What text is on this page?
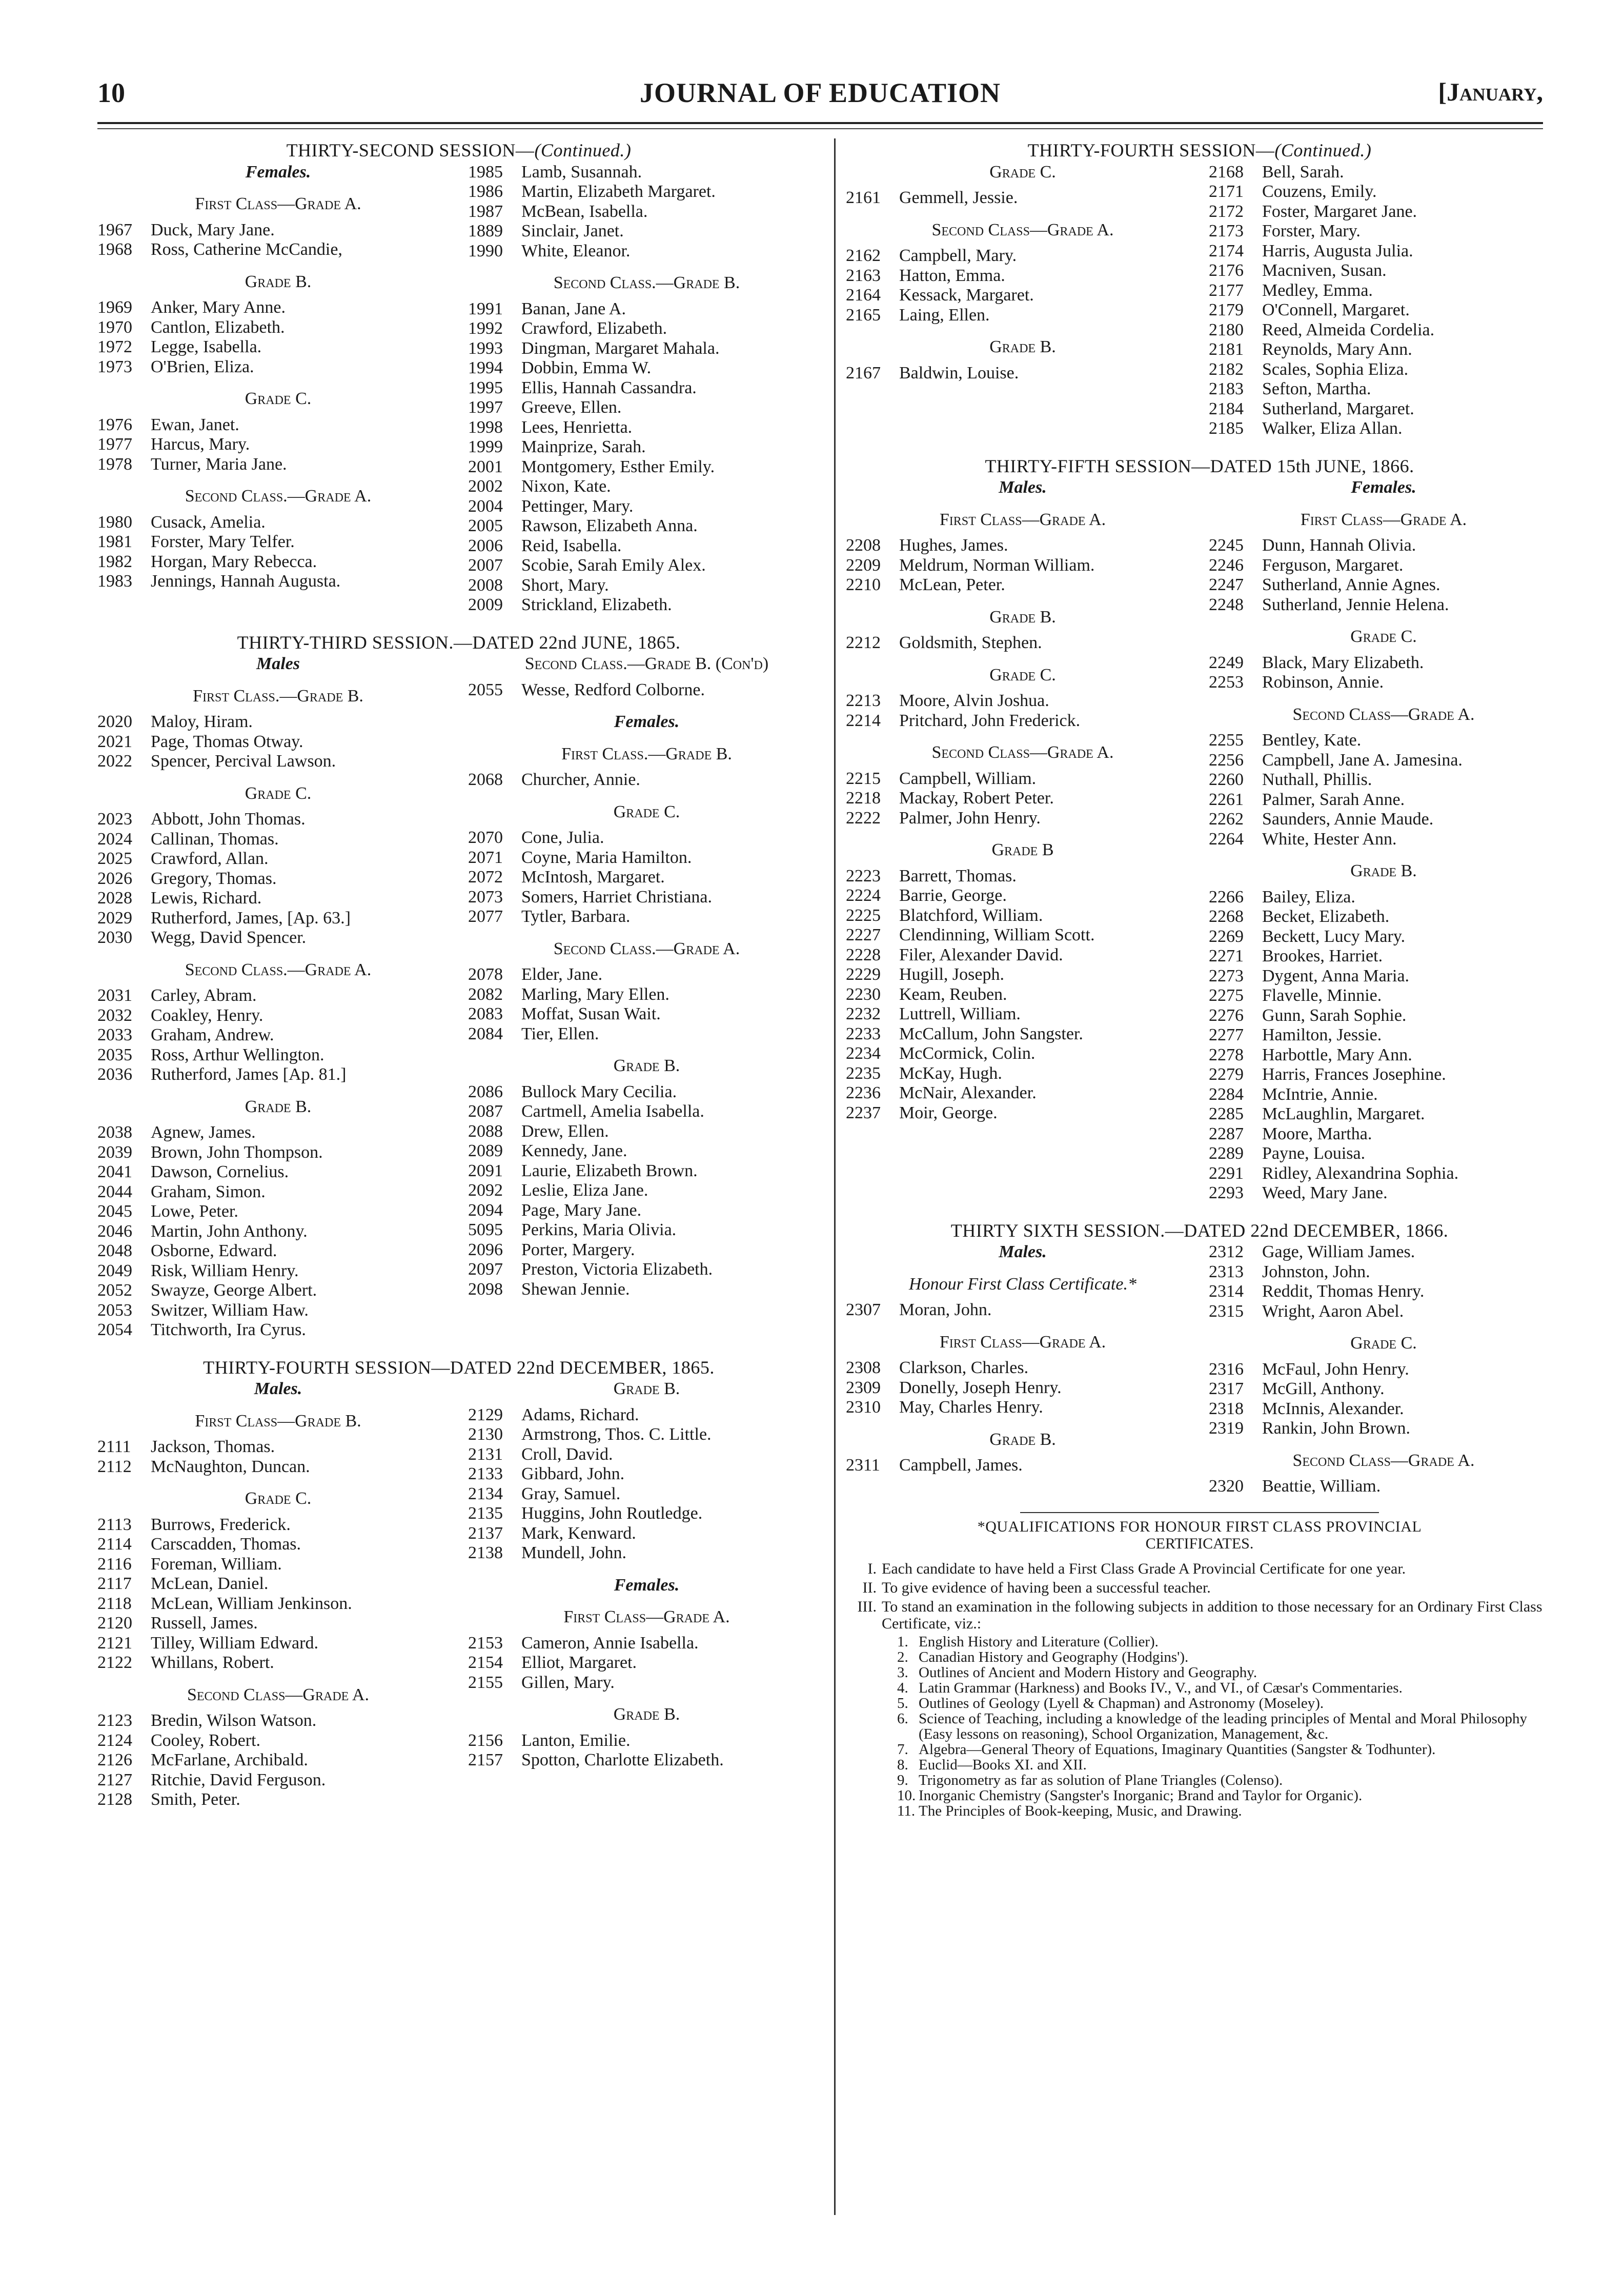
10	JOURNAL OF EDUCATION	[January,
THIRTY-SECOND SESSION—(Continued.)
Females.
First Class—Grade A.
1967	Duck, Mary Jane.
1968	Ross, Catherine McCandie,
Grade B.
1969	Anker, Mary Anne.
1970	Cantlon, Elizabeth.
1972	Legge, Isabella.
1973	O'Brien, Eliza.
Grade C.
1976	Ewan, Janet.
1977	Harcus, Mary.
1978	Turner, Maria Jane.
Second Class.—Grade A.
1980	Cusack, Amelia.
1981	Forster, Mary Telfer.
1982	Horgan, Mary Rebecca.
1983	Jennings, Hannah Augusta.
1985	Lamb, Susannah.
1986	Martin, Elizabeth Margaret.
1987	McBean, Isabella.
1889	Sinclair, Janet.
1990	White, Eleanor.
Second Class.—Grade B.
1991	Banan, Jane A.
1992	Crawford, Elizabeth.
1993	Dingman, Margaret Mahala.
1994	Dobbin, Emma W.
1995	Ellis, Hannah Cassandra.
1997	Greeve, Ellen.
1998	Lees, Henrietta.
1999	Mainprize, Sarah.
2001	Montgomery, Esther Emily.
2002	Nixon, Kate.
2004	Pettinger, Mary.
2005	Rawson, Elizabeth Anna.
2006	Reid, Isabella.
2007	Scobie, Sarah Emily Alex.
2008	Short, Mary.
2009	Strickland, Elizabeth.
THIRTY-THIRD SESSION.—DATED 22nd JUNE, 1865.
Males
First Class.—Grade B.
2020	Maloy, Hiram.
2021	Page, Thomas Otway.
2022	Spencer, Percival Lawson.
Grade C.
2023	Abbott, John Thomas.
2024	Callinan, Thomas.
2025	Crawford, Allan.
2026	Gregory, Thomas.
2028	Lewis, Richard.
2029	Rutherford, James, [Ap. 63.]
2030	Wegg, David Spencer.
Second Class.—Grade A.
2031	Carley, Abram.
2032	Coakley, Henry.
2033	Graham, Andrew.
2035	Ross, Arthur Wellington.
2036	Rutherford, James [Ap. 81.]
Grade B.
2038	Agnew, James.
2039	Brown, John Thompson.
2041	Dawson, Cornelius.
2044	Graham, Simon.
2045	Lowe, Peter.
2046	Martin, John Anthony.
2048	Osborne, Edward.
2049	Risk, William Henry.
2052	Swayze, George Albert.
2053	Switzer, William Haw.
2054	Titchworth, Ira Cyrus.
Second Class.—Grade B. (Con'd)
2055	Wesse, Redford Colborne.
Females.
First Class.—Grade B.
2068	Churcher, Annie.
Grade C.
2070	Cone, Julia.
2071	Coyne, Maria Hamilton.
2072	McIntosh, Margaret.
2073	Somers, Harriet Christiana.
2077	Tytler, Barbara.
Second Class.—Grade A.
2078	Elder, Jane.
2082	Marling, Mary Ellen.
2083	Moffat, Susan Wait.
2084	Tier, Ellen.
Grade B.
2086	Bullock Mary Cecilia.
2087	Cartmell, Amelia Isabella.
2088	Drew, Ellen.
2089	Kennedy, Jane.
2091	Laurie, Elizabeth Brown.
2092	Leslie, Eliza Jane.
2094	Page, Mary Jane.
5095	Perkins, Maria Olivia.
2096	Porter, Margery.
2097	Preston, Victoria Elizabeth.
2098	Shewan Jennie.
THIRTY-FOURTH SESSION—DATED 22nd DECEMBER, 1865.
Males.
First Class—Grade B.
2111	Jackson, Thomas.
2112	McNaughton, Duncan.
Grade C.
2113	Burrows, Frederick.
2114	Carscadden, Thomas.
2116	Foreman, William.
2117	McLean, Daniel.
2118	McLean, William Jenkinson.
2120	Russell, James.
2121	Tilley, William Edward.
2122	Whillans, Robert.
Second Class—Grade A.
2123	Bredin, Wilson Watson.
2124	Cooley, Robert.
2126	McFarlane, Archibald.
2127	Ritchie, David Ferguson.
2128	Smith, Peter.
Grade B.
2129	Adams, Richard.
2130	Armstrong, Thos. C. Little.
2131	Croll, David.
2133	Gibbard, John.
2134	Gray, Samuel.
2135	Huggins, John Routledge.
2137	Mark, Kenward.
2138	Mundell, John.
Females.
First Class—Grade A.
2153	Cameron, Annie Isabella.
2154	Elliot, Margaret.
2155	Gillen, Mary.
Grade B.
2156	Lanton, Emilie.
2157	Spotton, Charlotte Elizabeth.
THIRTY-FOURTH SESSION—(Continued.)
Grade C.
2161	Gemmell, Jessie.
Second Class—Grade A.
2162	Campbell, Mary.
2163	Hatton, Emma.
2164	Kessack, Margaret.
2165	Laing, Ellen.
Grade B.
2167	Baldwin, Louise.
2168	Bell, Sarah.
2171	Couzens, Emily.
2172	Foster, Margaret Jane.
2173	Forster, Mary.
2174	Harris, Augusta Julia.
2176	Macniven, Susan.
2177	Medley, Emma.
2179	O'Connell, Margaret.
2180	Reed, Almeida Cordelia.
2181	Reynolds, Mary Ann.
2182	Scales, Sophia Eliza.
2183	Sefton, Martha.
2184	Sutherland, Margaret.
2185	Walker, Eliza Allan.
THIRTY-FIFTH SESSION—DATED 15th JUNE, 1866.
Males.
First Class—Grade A.
2208	Hughes, James.
2209	Meldrum, Norman William.
2210	McLean, Peter.
Grade B.
2212	Goldsmith, Stephen.
Grade C.
2213	Moore, Alvin Joshua.
2214	Pritchard, John Frederick.
Second Class—Grade A.
2215	Campbell, William.
2218	Mackay, Robert Peter.
2222	Palmer, John Henry.
Grade B
2223	Barrett, Thomas.
2224	Barrie, George.
2225	Blatchford, William.
2227	Clendinning, William Scott.
2228	Filer, Alexander David.
2229	Hugill, Joseph.
2230	Keam, Reuben.
2232	Luttrell, William.
2233	McCallum, John Sangster.
2234	McCormick, Colin.
2235	McKay, Hugh.
2236	McNair, Alexander.
2237	Moir, George.
Females.
First Class—Grade A.
2245	Dunn, Hannah Olivia.
2246	Ferguson, Margaret.
2247	Sutherland, Annie Agnes.
2248	Sutherland, Jennie Helena.
Grade C.
2249	Black, Mary Elizabeth.
2253	Robinson, Annie.
Second Class—Grade A.
2255	Bentley, Kate.
2256	Campbell, Jane A. Jamesina.
2260	Nuthall, Phillis.
2261	Palmer, Sarah Anne.
2262	Saunders, Annie Maude.
2264	White, Hester Ann.
Grade B.
2266	Bailey, Eliza.
2268	Becket, Elizabeth.
2269	Beckett, Lucy Mary.
2271	Brookes, Harriet.
2273	Dygent, Anna Maria.
2275	Flavelle, Minnie.
2276	Gunn, Sarah Sophie.
2277	Hamilton, Jessie.
2278	Harbottle, Mary Ann.
2279	Harris, Frances Josephine.
2284	McIntrie, Annie.
2285	McLaughlin, Margaret.
2287	Moore, Martha.
2289	Payne, Louisa.
2291	Ridley, Alexandrina Sophia.
2293	Weed, Mary Jane.
THIRTY SIXTH SESSION.—DATED 22nd DECEMBER, 1866.
Males.
Honour First Class Certificate.*
2307	Moran, John.
First Class—Grade A.
2308	Clarkson, Charles.
2309	Donelly, Joseph Henry.
2310	May, Charles Henry.
Grade B.
2311	Campbell, James.
2312	Gage, William James.
2313	Johnston, John.
2314	Reddit, Thomas Henry.
2315	Wright, Aaron Abel.
Grade C.
2316	McFaul, John Henry.
2317	McGill, Anthony.
2318	McInnis, Alexander.
2319	Rankin, John Brown.
Second Class—Grade A.
2320	Beattie, William.
*QUALIFICATIONS FOR HONOUR FIRST CLASS PROVINCIAL
CERTIFICATES.
I. Each candidate to have held a First Class Grade A Provincial Certificate for one year.
II. To give evidence of having been a successful teacher.
III. To stand an examination in the following subjects in addition to those necessary for an Ordinary First Class Certificate, viz.:
1. English History and Literature (Collier).
2. Canadian History and Geography (Hodgins').
3. Outlines of Ancient and Modern History and Geography.
4. Latin Grammar (Harkness) and Books IV., V., and VI., of Cæsar's Commentaries.
5. Outlines of Geology (Lyell & Chapman) and Astronomy (Moseley).
6. Science of Teaching, including a knowledge of the leading principles of Mental and Moral Philosophy (Easy lessons on reasoning), School Organization, Management, &c.
7. Algebra—General Theory of Equations, Imaginary Quantities (Sangster & Todhunter).
8. Euclid—Books XI. and XII.
9. Trigonometry as far as solution of Plane Triangles (Colenso).
10. Inorganic Chemistry (Sangster's Inorganic; Brand and Taylor for Organic).
11. The Principles of Book-keeping, Music, and Drawing.
